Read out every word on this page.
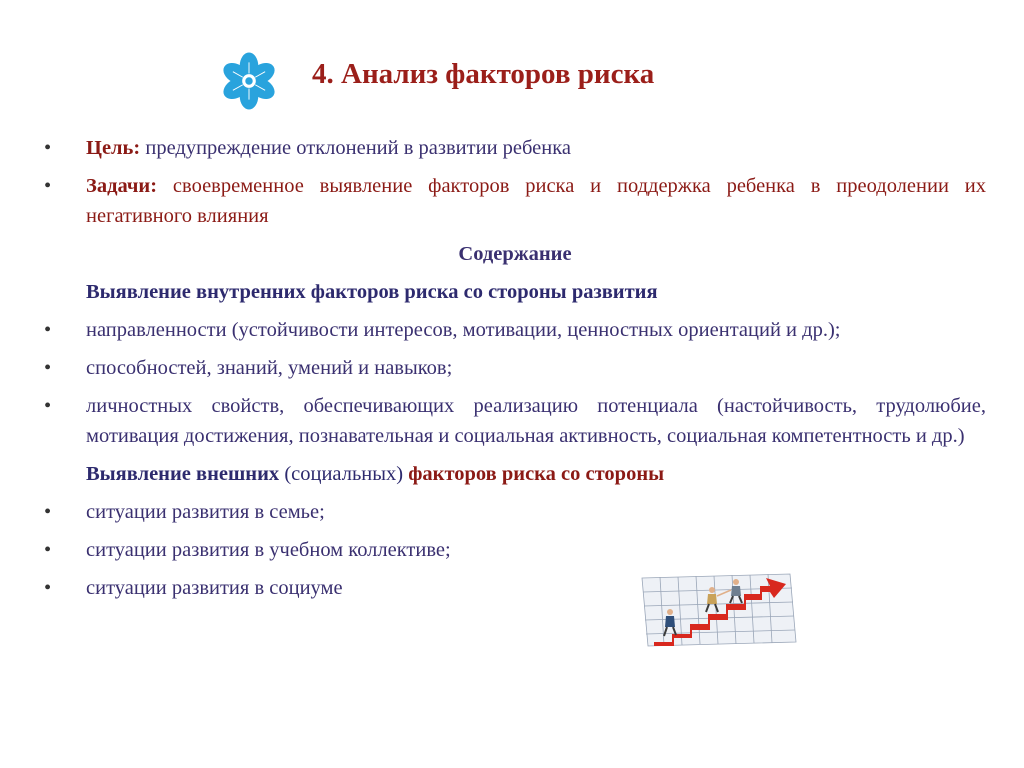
4. Анализ факторов риска
• Цель: предупреждение отклонений в развитии ребенка
• Задачи: своевременное выявление факторов риска и поддержка ребенка в преодолении их негативного влияния
Содержание
Выявление внутренних факторов риска со стороны развития
• направленности (устойчивости интересов, мотивации, ценностных ориентаций и др.);
• способностей, знаний, умений и навыков;
• личностных свойств, обеспечивающих реализацию потенциала (настойчивость, трудолюбие, мотивация достижения, познавательная и социальная активность, социальная компетентность и др.)
Выявление внешних (социальных) факторов риска со стороны
• ситуации развития в семье;
• ситуации развития в учебном коллективе;
• ситуации развития в социуме
